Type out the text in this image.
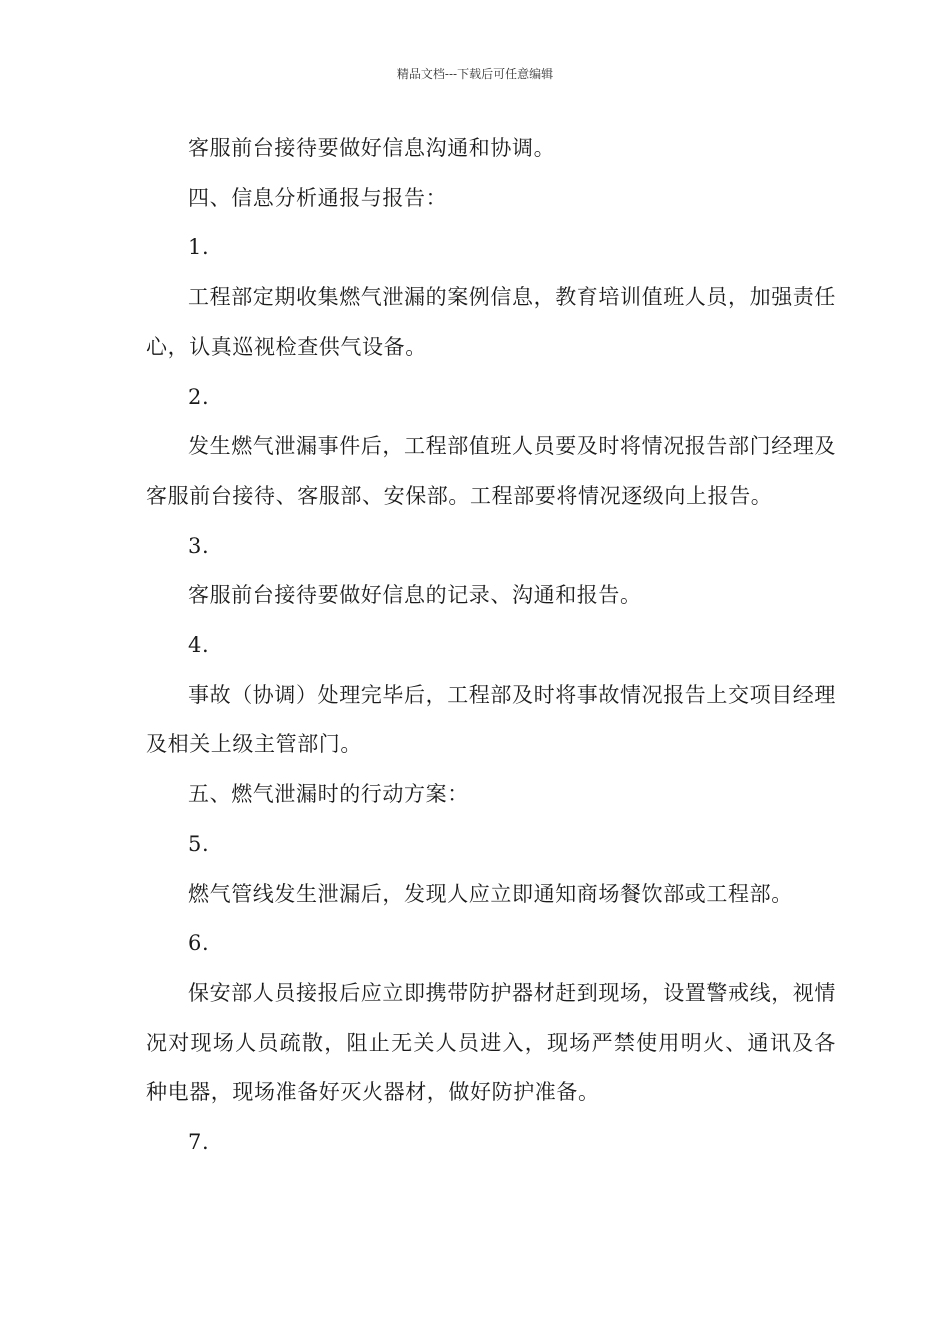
精品文档---下载后可任意编辑

客服前台接待要做好信息沟通和协调。

四、信息分析通报与报告：

1.

工程部定期收集燃气泄漏的案例信息，教育培训值班人员，加强责任心，认真巡视检查供气设备。

2.

发生燃气泄漏事件后，工程部值班人员要及时将情况报告部门经理及客服前台接待、客服部、安保部。工程部要将情况逐级向上报告。

3.

客服前台接待要做好信息的记录、沟通和报告。

4.

事故（协调）处理完毕后，工程部及时将事故情况报告上交项目经理及相关上级主管部门。

五、燃气泄漏时的行动方案：

5.

燃气管线发生泄漏后，发现人应立即通知商场餐饮部或工程部。

6.

保安部人员接报后应立即携带防护器材赶到现场，设置警戒线，视情况对现场人员疏散，阻止无关人员进入，现场严禁使用明火、通讯及各种电器，现场准备好灭火器材，做好防护准备。

7.
